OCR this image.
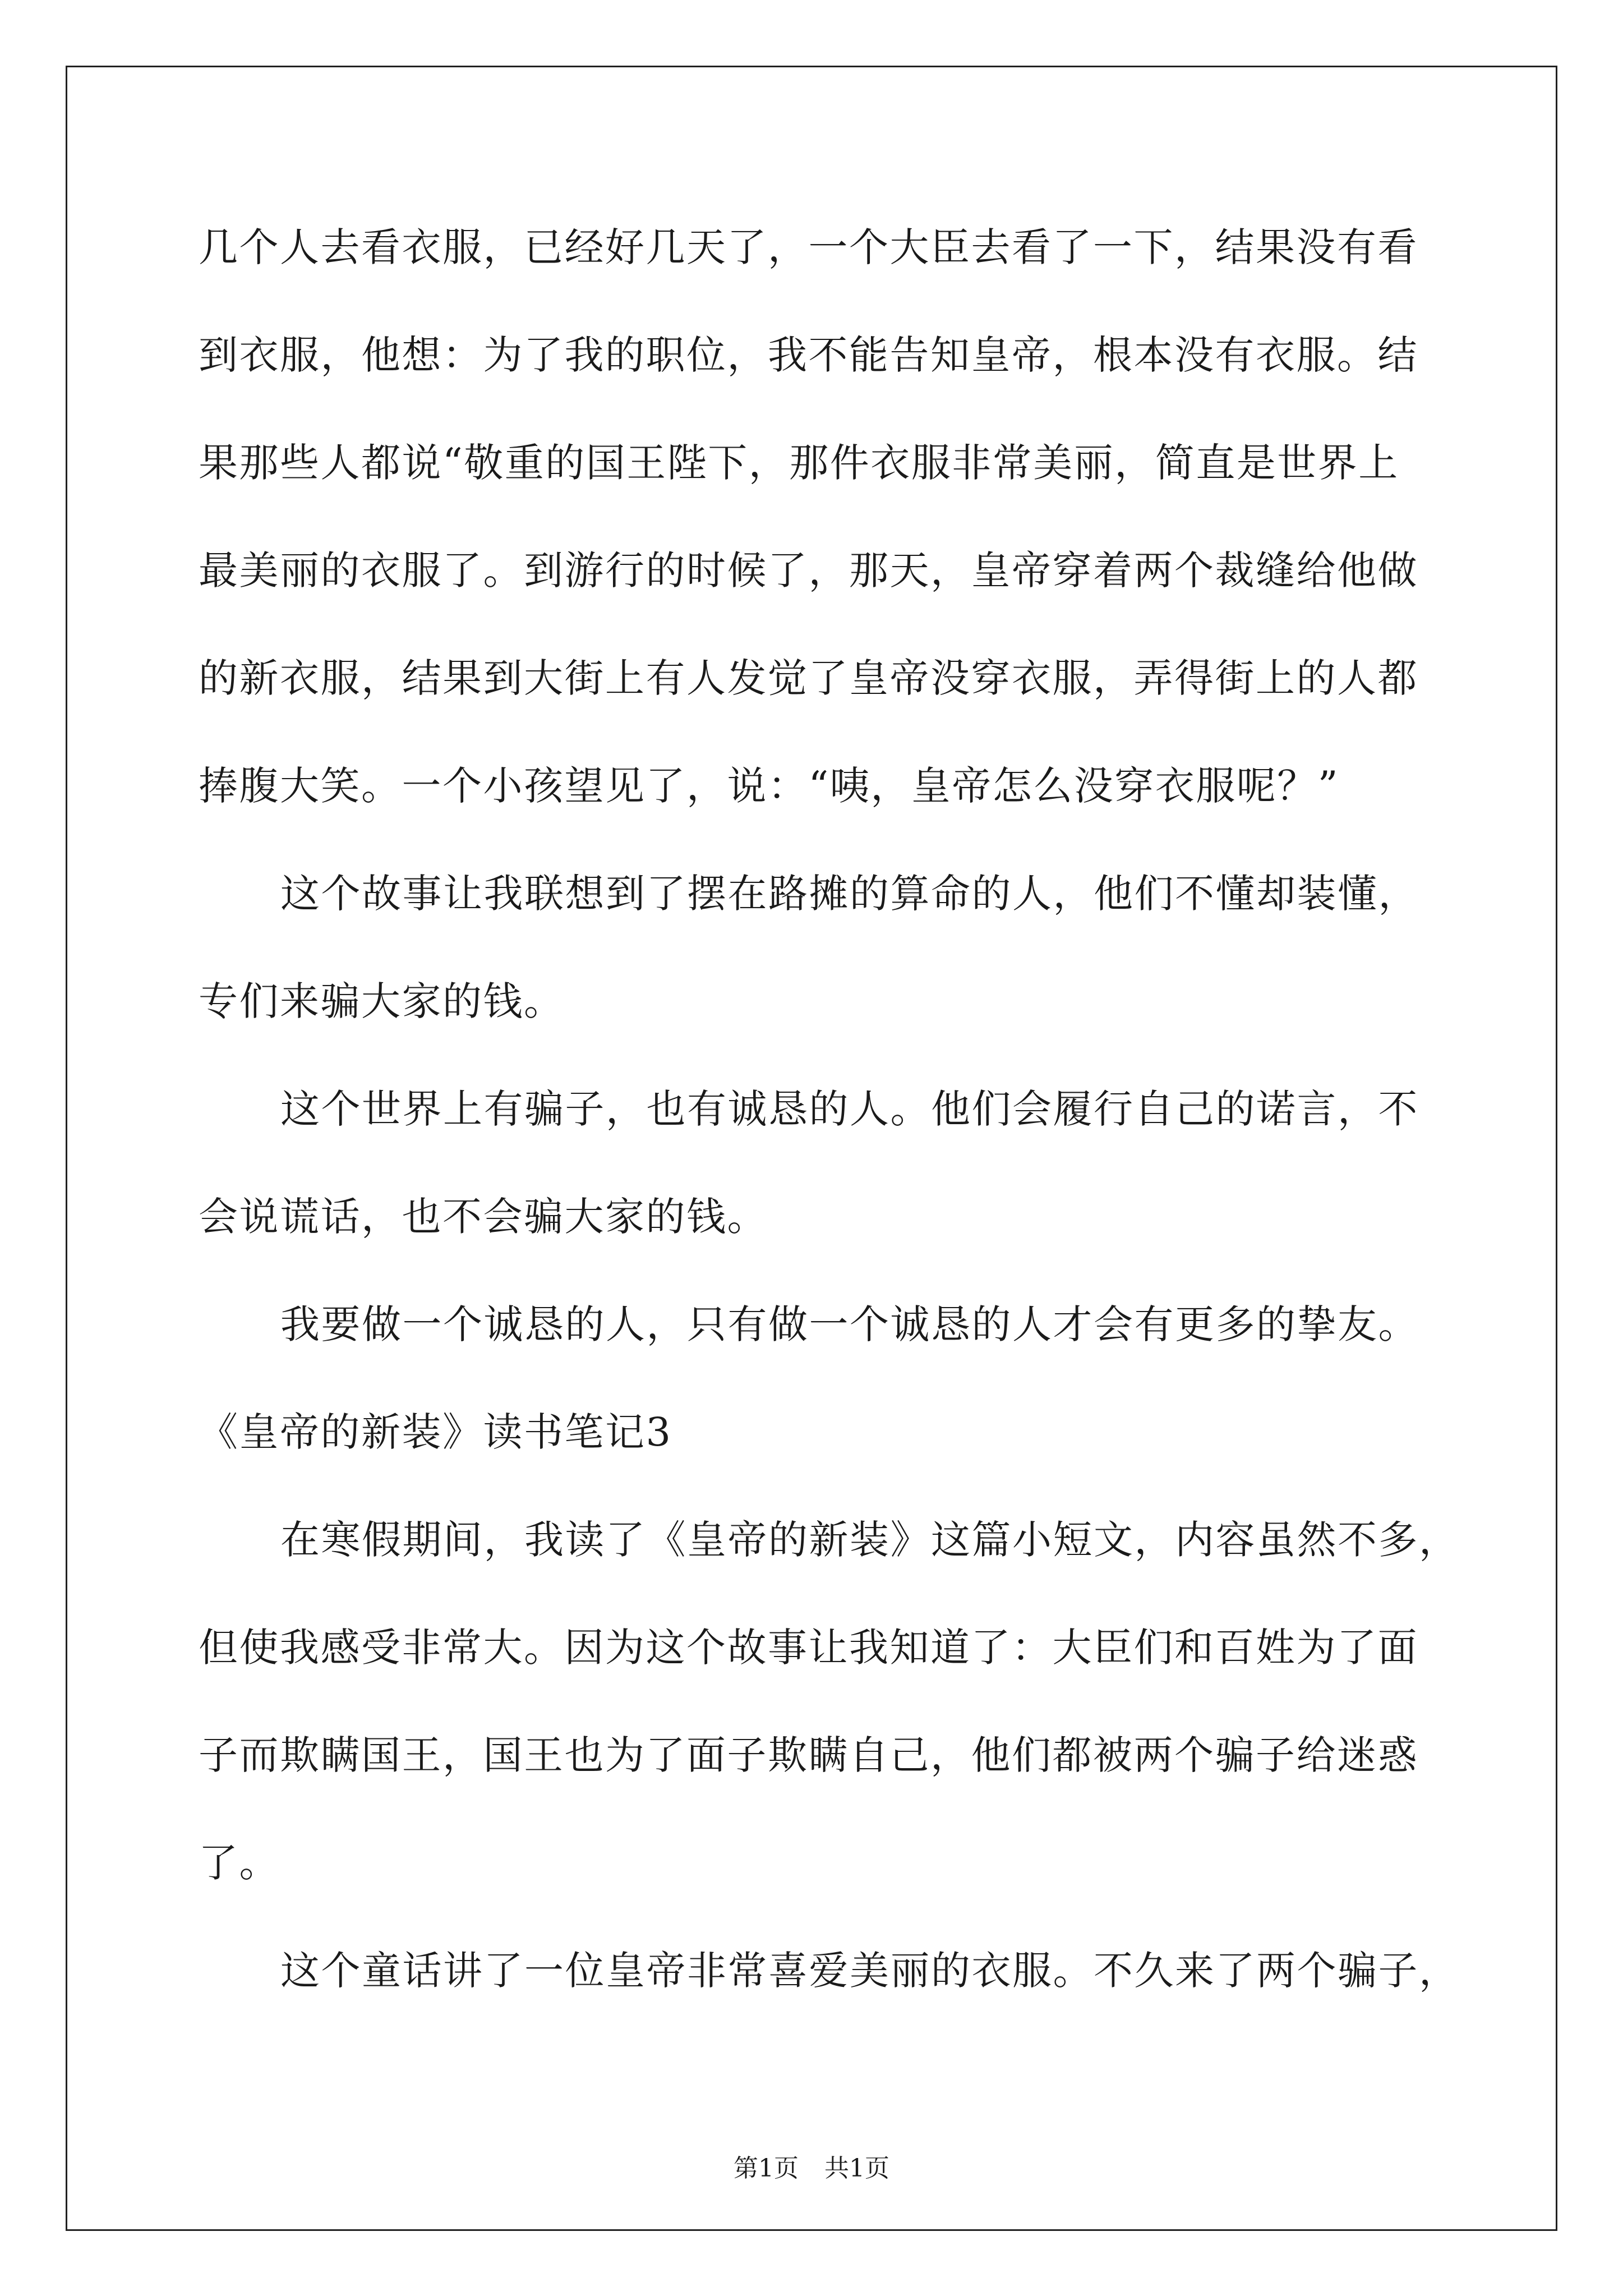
几个人去看衣服，已经好几天了，一个大臣去看了一下，结果没有看
到衣服，他想：为了我的职位，我不能告知皇帝，根本没有衣服。结
果那些人都说“敬重的国王陛下，那件衣服非常美丽，简直是世界上
最美丽的衣服了。到游行的时候了，那天，皇帝穿着两个裁缝给他做
的新衣服，结果到大街上有人发觉了皇帝没穿衣服，弄得街上的人都
捧腹大笑。一个小孩望见了，说：“咦，皇帝怎么没穿衣服呢？”
这个故事让我联想到了摆在路摊的算命的人，他们不懂却装懂，
专们来骗大家的钱。
这个世界上有骗子，也有诚恳的人。他们会履行自己的诺言，不
会说谎话，也不会骗大家的钱。
我要做一个诚恳的人，只有做一个诚恳的人才会有更多的挚友。
《皇帝的新装》读书笔记3
在寒假期间，我读了《皇帝的新装》这篇小短文，内容虽然不多，
但使我感受非常大。因为这个故事让我知道了：大臣们和百姓为了面
子而欺瞒国王，国王也为了面子欺瞒自己，他们都被两个骗子给迷惑
了。
这个童话讲了一位皇帝非常喜爱美丽的衣服。不久来了两个骗子，
第1页 共1页
